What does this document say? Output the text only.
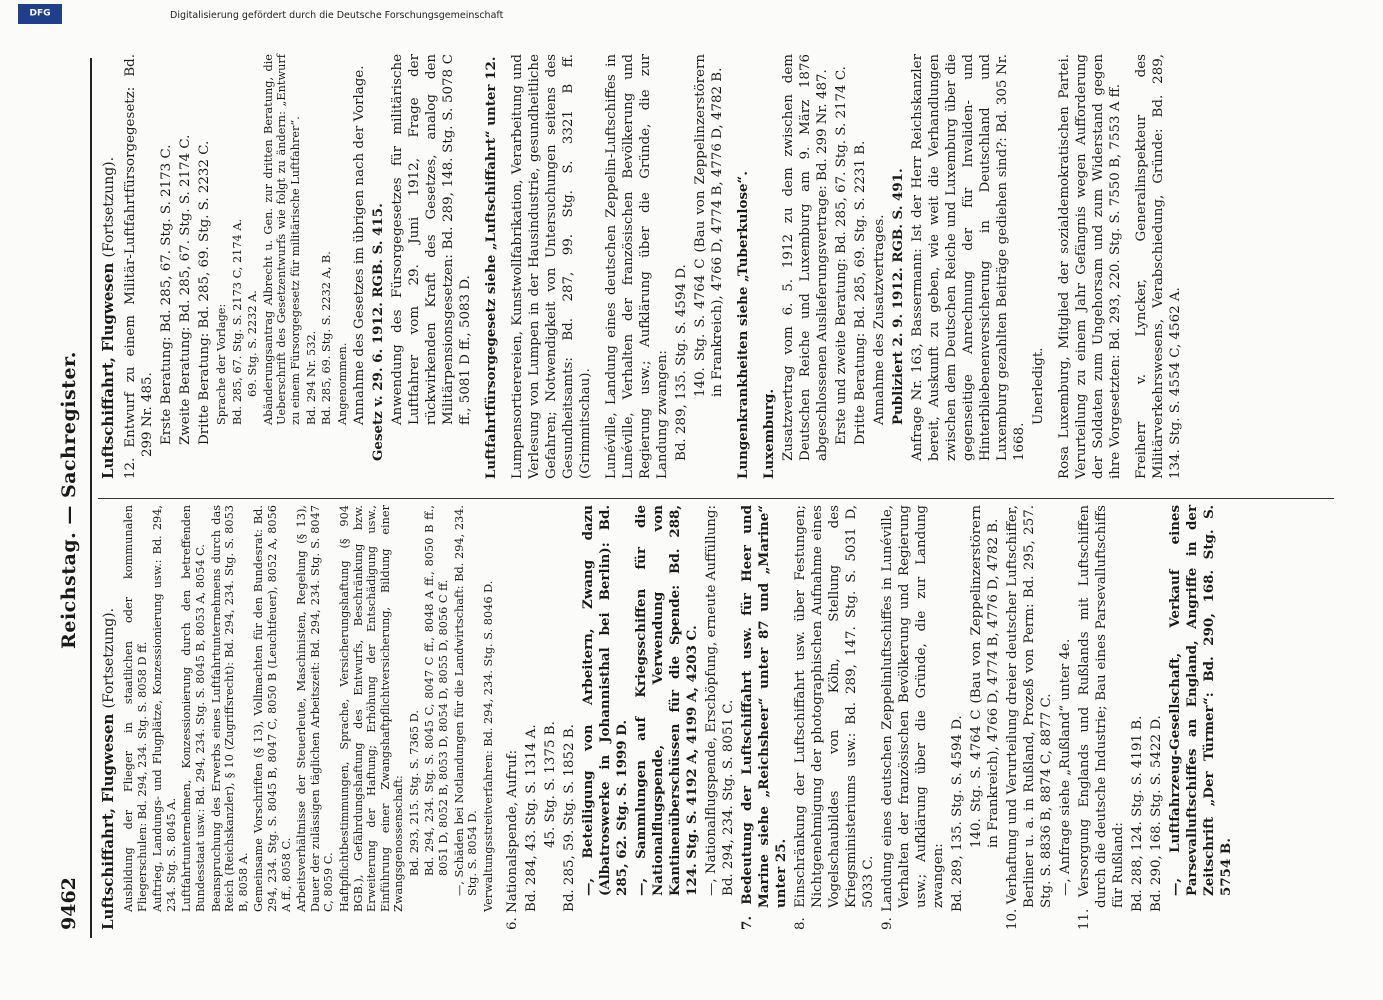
9462
Reichstag. — Sachregister.
Luftschiffahrt, Flugwesen (Fortsetzung). Ausbildung der Flieger in staatlichen oder kommunalen Fliegerschulen: Bd. 294, 234. Stg. S. 8058 D ff. Auftrieg, Landungs- und Flugplätze, Konzessionierung usw.: Bd. 294, 234. Stg. S. 8045 A. Luftfahrtunternehmen, Konzessionierung durch den betreffenden Bundesstaat usw.: Bd. 294, 234. Stg. S. 8045 B, 8053 A, 8054 C. Beanspruchung des Erwerbs eines Luftfahrtunternehmens durch das Reich (Reichskanzler), § 10 (Zugriffsrecht): Bd. 294, 234. Stg. S. 8053 B, 8058 A. Gemeinsame Vorschriften (§ 13), Vollmachten für den Bundesrat: Bd. 294, 234. Stg. S. 8045 B, 8047 C, 8050 B (Leuchtfeuer), 8052 A, 8056 A ff., 8058 C. Arbeitsverhältnisse der Steuerleute, Maschinisten, Regelung (§ 13), Dauer der zulässigen täglichen Arbeitszeit: Bd. 294, 234. Stg. S. 8047 C, 8059 C. Haftpflichtbestimmungen, Sprache, Versicherungshaftung (§ 904 BGB.), Gefährdungshaftung des Entwurfs, Beschränkung bzw. Erweiterung der Haftung; Erhöhung der Entschädigung usw., Einführung einer Zwangshaftpflichtversicherung, Bildung einer Zwangsgenossenschaft: Bd. 293, 215. Stg. S. 7365 D. Bd. 294, 234. Stg. S. 8045 C, 8047 C ff., 8048 A ff., 8050 B ff., 8051 D, 8052 B, 8053 D, 8054 D, 8055 D, 8056 C ff. —, Schäden bei Notlandungen für die Landwirtschaft: Bd. 294, 234. Stg. S. 8054 D. Verwaltungsstreitverfahren: Bd. 294, 234. Stg. S. 8046 D. 6. Nationalspende, Aufruf: Bd. 284, 43. Stg. S. 1314 A. 45. Stg. S. 1375 B. Bd. 285, 59. Stg. S. 1852 B. —, Beteiligung von Arbeitern, Zwang dazu (Albatroswerke in Johannisthal bei Berlin): Bd. 285, 62. Stg. S. 1999 D. —, Sammlungen auf Kriegsschiffen für die Nationalflugspende, Verwendung von Kantinenüberschüssen für die Spende: Bd. 288, 124. Stg. S. 4192 A, 4199 A, 4203 C. —, Nationalflugspende, Erschöpfung, erneute Auffüllung: Bd. 294, 234. Stg. S. 8051 C. 7. Bedeutung der Luftschiffahrt usw. für Heer und Marine siehe „Reichsheer“ unter 87 und „Marine“ unter 25. 8. Einschränkung der Luftschiffahrt usw. über Festungen; Nichtgenehmigung der photographischen Aufnahme eines Vogelschaubildes von Köln, Stellung des Kriegsministeriums usw.: Bd. 289, 147. Stg. S. 5031 D, 5033 C. 9. Landung eines deutschen Zeppelinluftschiffes in Lunéville, Verhalten der französischen Bevölkerung und Regierung usw.; Aufklärung über die Gründe, die zur Landung zwangen: Bd. 289, 135. Stg. S. 4594 D. 140. Stg. S. 4764 C (Bau von Zeppelinzerstörern in Frankreich), 4766 D, 4774 B, 4776 D, 4782 B. 10. Verhaftung und Verurteilung dreier deutscher Luftschiffer, Berliner u. a. in Rußland, Prozeß von Perm: Bd. 295, 257. Stg. S. 8836 B, 8874 C, 8877 C. —, Anfrage siehe „Rußland“ unter 4e. 11. Versorgung Englands und Rußlands mit Luftschiffen durch die deutsche Industrie; Bau eines Parsevalluftschiffs für Rußland: Bd. 288, 124. Stg. S. 4191 B. Bd. 290, 168. Stg. S. 5422 D. —, Luftfahrzeug-Gesellschaft, Verkauf eines Parsevalluftschiffes an England, Angriffe in der Zeitschrift „Der Türmer“: Bd. 290, 168. Stg. S. 5754 B.
Luftschiffahrt, Flugwesen (Fortsetzung). 12. Entwurf zu einem Militär-Luftfahrtfürsorgegesetz: Bd. 299 Nr. 485. Erste Beratung: Bd. 285, 67. Stg. S. 2173 C. Zweite Beratung: Bd. 285, 67. Stg. S. 2174 C. Dritte Beratung: Bd. 285, 69. Stg. S. 2232 C. Sprache der Vorlage: Bd. 285, 67. Stg. S. 2173 C, 2174 A. 69. Stg. S. 2232 A. Abänderungsantrag Albrecht u. Gen. zur dritten Beratung, die Ueberschrift des Gesetzentwurfs wie folgt zu ändern: „Entwurf zu einem Fürsorgegesetz für militärische Luftfahrer“. Bd. 294 Nr. 532. Bd. 285, 69. Stg. S. 2232 A, B. Angenommen. Annahme des Gesetzes im übrigen nach der Vorlage. Gesetz v. 29. 6. 1912. RGB. S. 415. Anwendung des Fürsorgegesetzes für militärische Luftfahrer vom 29. Juni 1912, Frage der rückwirkenden Kraft des Gesetzes, analog den Militärpensionsgesetzen: Bd. 289, 148. Stg. S. 5078 C ff., 5081 D ff., 5083 D. Luftfahrtfürsorgegesetz siehe „Luftschiffahrt“ unter 12. Lumpensortierereien, Kunstwollfabrikation, Verarbeitung und Verlesung von Lumpen in der Hausindustrie, gesundheitliche Gefahren; Notwendigkeit von Untersuchungen seitens des Gesundheitsamts: Bd. 287, 99. Stg. S. 3321 B ff. (Grimmitschau). Lunéville, Landung eines deutschen Zeppelin-Luftschiffes in Lunéville, Verhalten der französischen Bevölkerung und Regierung usw.; Aufklärung über die Gründe, die zur Landung zwangen: Bd. 289, 135. Stg. S. 4594 D. 140. Stg. S. 4764 C (Bau von Zeppelinzerstörern in Frankreich), 4766 D, 4774 B, 4776 D, 4782 B. Lungenkrankheiten siehe „Tuberkulose“. Luxemburg. Zusatzvertrag vom 6. 5. 1912 zu dem zwischen dem Deutschen Reiche und Luxemburg am 9. März 1876 abgeschlossenen Auslieferungsvertrage: Bd. 299 Nr. 487. Erste und zweite Beratung: Bd. 285, 67. Stg. S. 2174 C. Dritte Beratung: Bd. 285, 69. Stg. S. 2231 B. Annahme des Zusatzvertrages. Publiziert 2. 9. 1912. RGB. S. 491. Anfrage Nr. 163, Bassermann: Ist der Herr Reichskanzler bereit, Auskunft zu geben, wie weit die Verhandlungen zwischen dem Deutschen Reiche und Luxemburg über die gegenseitige Anrechnung der für Invaliden- und Hinterbliebenenversicherung in Deutschland und Luxemburg gezahlten Beiträge gediehen sind?: Bd. 305 Nr. 1668.
Unerledigt. Rosa Luxemburg, Mitglied der sozialdemokratischen Partei. Verurteilung zu einem Jahr Gefängnis wegen Aufforderung der Soldaten zum Ungehorsam und zum Widerstand gegen ihre Vorgesetzten: Bd. 293, 220. Stg. S. 7550 B, 7553 A ff. Freiherr v. Lyncker, Generalinspekteur des Militärverkehrswesens, Verabschiedung, Gründe: Bd. 289, 134. Stg. S. 4554 C, 4562 A.
Digitalisierung gefördert durch die Deutsche Forschungsgemeinschaft
DFG
